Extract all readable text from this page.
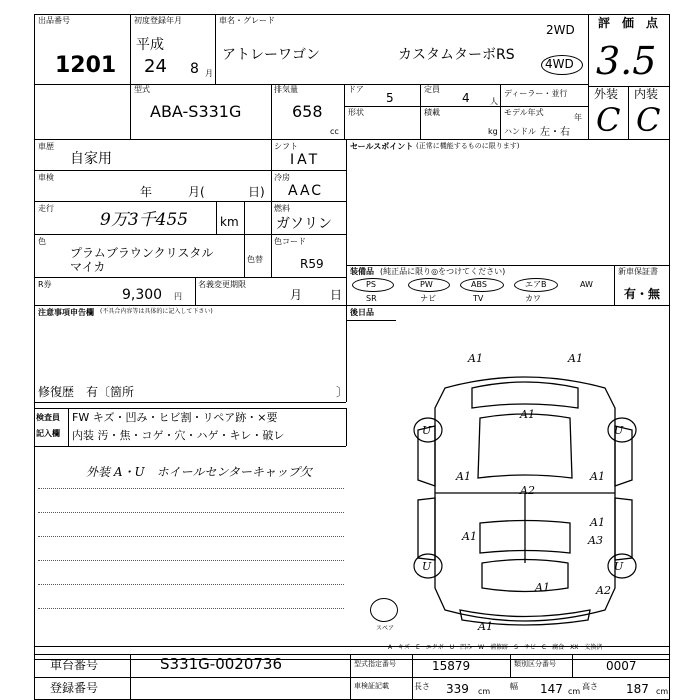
出品番号
1201
初度登録年月
平成
24 8 月
車名・グレード
アトレーワゴン	カスタムターボRS
2WD
4WD
評　価　点
3.5
外装 内装
C C
型式
ABA-S331G
排気量
658
cc
ドア
5
定員
4	人
ディーラー・並行
形状	積載
kg
モデル年式
年
ハンドル 左・右
車歴
自家用
シフト
IAT
車検
年	月(	日)
冷房
AAC
走行
9万3千455	km
燃料
ガソリン
色
プラムブラウンクリスタル
マイカ
色替
色コード
R59
R券
9,300 円
名義変更期限
月 日
セールスポイント (正常に機能するものに限ります)
装備品 (純正品に限り◎をつけてください)	新車保証書
有・無
PS	PW	ABS	エアB	AW
SR	ナビ	TV	カワ
後日品
注意事項申告欄 (不具合内容等は具体的に記入して下さい)
修復歴 有〔箇所	〕
検査員
記入欄
FW キズ・凹み・ヒビ割・リペア跡・×要
内装 汚・焦・コゲ・穴・ハゲ・キレ・破レ
外装 A・U　ホイールセンターキャップ欠
A1	A1
A1
A1	A1
A2
A1
A1
A3
A1
A1
U	U
U	U
A2
スペア
A－キズ　E－エクボ　U－凹み　W－補修跡　S－サビ　C－腐食　XX－交換済
車台番号	S331G-0020736
登録番号
型式指定番号	15879	類別区分番号	0007
車検証記載	長さ 339 cm
幅 147 cm
高さ 187 cm
